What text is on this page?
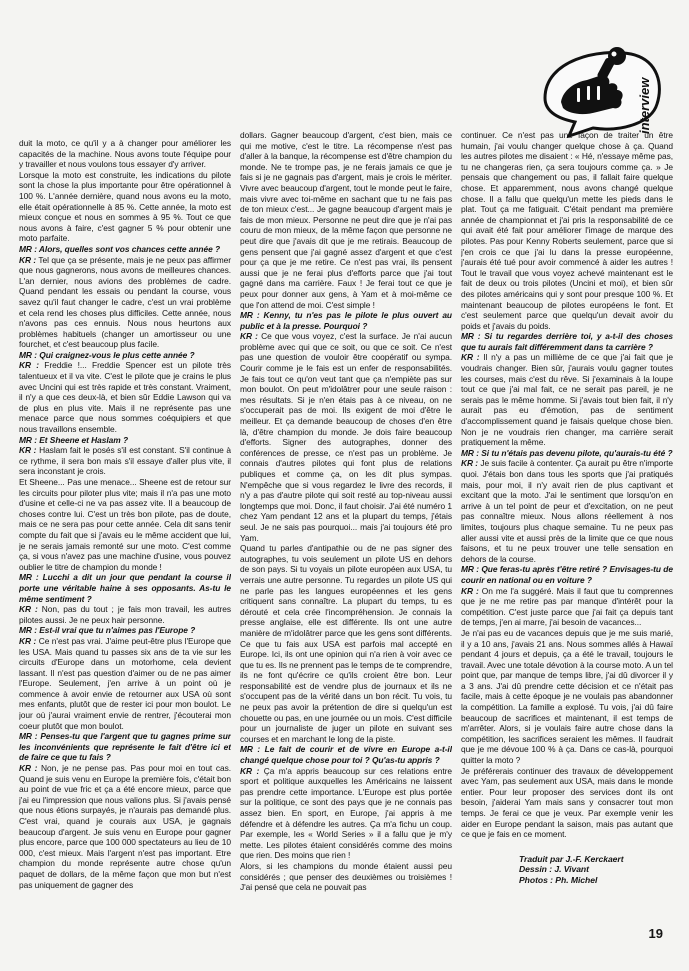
interview

duit la moto, ce qu'il y a à changer pour améliorer les capacités de la machine. Nous avons toute l'équipe pour y travailler et nous voulons tous essayer d'y arriver.

Lorsque la moto est construite, les indications du pilote sont la chose la plus importante pour être opérationnel à 100 %. L'année dernière, quand nous avons eu la moto, elle était opérationnelle à 85 %. Cette année, la moto est mieux conçue et nous en sommes à 95 %. Tout ce que nous avons à faire, c'est gagner 5 % pour obtenir une moto parfaite.

MR : Alors, quelles sont vos chances cette année ?

KR : Tel que ça se présente, mais je ne peux pas affirmer que nous gagnerons, nous avons de meilleures chances. L'an dernier, nous avions des problèmes de cadre. Quand pendant les essais ou pendant la course, vous savez qu'il faut changer le cadre, c'est un vrai problème et cela rend les choses plus difficiles. Cette année, nous n'avons pas ces ennuis. Nous nous heurtons aux problèmes habituels (changer un amortisseur ou une fourchet, et c'est beaucoup plus facile.

MR : Qui craignez-vous le plus cette année ?

KR : Freddie !... Freddie Spencer est un pilote très talentueux et il va vite. C'est le pilote que je crains le plus avec Uncini qui est très rapide et très constant. Vraiment, il n'y a que ces deux-là, et bien sûr Eddie Lawson qui va de plus en plus vite. Mais il ne représente pas une menace parce que nous sommes coéquipiers et que nous travaillons ensemble.

MR : Et Sheene et Haslam ?

KR : Haslam fait le posés s'il est constant. S'il continue à ce rythme, il sera bon mais s'il essaye d'aller plus vite, il sera inconstant je crois.

Et Sheene... Pas une menace... Sheene est de retour sur les circuits pour piloter plus vite; mais il n'a pas une moto d'usine et celle-ci ne va pas assez vite. Il a beaucoup de choses contre lui. C'est un très bon pilote, pas de doute, mais ce ne sera pas pour cette année. Cela dit sans tenir compte du fait que si j'avais eu le même accident que lui, je ne serais jamais remonté sur une moto. C'est comme ça, si vous n'avez pas une machine d'usine, vous pouvez oublier le titre de champion du monde !

MR : Lucchi a dit un jour que pendant la course il porte une véritable haine à ses opposants. As-tu le même sentiment ?

KR : Non, pas du tout ; je fais mon travail, les autres pilotes aussi. Je ne peux hair personne.

MR : Est-il vrai que tu n'aimes pas l'Europe ?

KR : Ce n'est pas vrai. J'aime peut-être plus l'Europe que les USA. Mais quand tu passes six ans de ta vie sur les circuits d'Europe dans un motorhome, cela devient lassant. Il n'est pas question d'aimer ou de ne pas aimer l'Europe. Seulement, j'en arrive à un point où je commence à avoir envie de retourner aux USA où sont mes enfants, plutôt que de rester ici pour mon boulot. Le jour où j'aurai vraiment envie de rentrer, j'écouterai mon coeur plutôt que mon boulot.

MR : Penses-tu que l'argent que tu gagnes prime sur les inconvénients que représente le fait d'être ici et de faire ce que tu fais ?

KR : Non, je ne pense pas. Pas pour moi en tout cas. Quand je suis venu en Europe la première fois, c'était bon au point de vue fric et ça a été encore mieux, parce que j'ai eu l'impression que nous valions plus. Si j'avais pensé que nous étions surpayés, je n'aurais pas demandé plus. C'est vrai, quand je courais aux USA, je gagnais beaucoup d'argent. Je suis venu en Europe pour gagner plus encore, parce que 100 000 spectateurs au lieu de 10 000, c'est mieux. Mais l'argent n'est pas important. Etre champion du monde représente autre chose qu'un paquet de dollars, de la même façon que mon but n'est pas uniquement de gagner des

dollars. Gagner beaucoup d'argent, c'est bien, mais ce qui me motive, c'est le titre. La récompense n'est pas d'aller à la banque, la récompense est d'être champion du monde. Ne te trompe pas, je ne ferais jamais ce que je fais si je ne gagnais pas d'argent, mais je crois le mériter. Vivre avec beaucoup d'argent, tout le monde peut le faire, mais vivre avec toi-même en sachant que tu ne fais pas de ton mieux c'est... Je gagne beaucoup d'argent mais je fais de mon mieux. Personne ne peut dire que je n'ai pas couru de mon mieux, de la même façon que personne ne peut dire que j'avais dit que je me retirais. Beaucoup de gens pensent que j'ai gagné assez d'argent et que c'est pour ça que je me retire. Ce n'est pas vrai, ils pensent aussi que je ne ferai plus d'efforts parce que j'ai tout gagné dans ma carrière. Faux ! Je ferai tout ce que je peux pour donner aux gens, à Yam et à moi-même ce que l'on attend de moi. C'est simple !

MR : Kenny, tu n'es pas le pilote le plus ouvert au public et à la presse. Pourquoi ?

KR : Ce que vous voyez, c'est la surface. Je n'ai aucun problème avec qui que ce soit, ou que ce soit. Ce n'est pas une question de vouloir être coopératif ou sympa. Courir comme je le fais est un enfer de responsabilités. Je fais tout ce qu'on veut tant que ça n'empiète pas sur mon boulot. On peut m'idolâtrer pour une seule raison : mes résultats. Si je n'en étais pas à ce niveau, on ne s'occuperait pas de moi. Ils exigent de moi d'être le meilleur. Et ça demande beaucoup de choses d'en être là, d'être champion du monde. Je dois faire beaucoup d'efforts. Signer des autographes, donner des conférences de presse, ce n'est pas un problème. Je connais d'autres pilotes qui font plus de relations publiques et comme ça, on les dit plus sympas. N'empêche que si vous regardez le livre des records, il n'y a pas d'autre pilote qui soit resté au top-niveau aussi longtemps que moi. Donc, il faut choisir. J'ai été numéro 1 chez Yam pendant 12 ans et la plupart du temps, j'étais seul. Je ne sais pas pourquoi... mais j'ai toujours été pro Yam.

Quand tu parles d'antipathie ou de ne pas signer des autographes, tu vois seulement un pilote US en dehors de son pays. Si tu voyais un pilote européen aux USA, tu verrais une autre personne. Tu regardes un pilote US qui ne parle pas les langues européennes et les gens critiquent sans connaître. La plupart du temps, tu es dérouté et cela crée l'incompréhension. Je connais la presse anglaise, elle est différente. Ils ont une autre manière de m'idolâtrer parce que les gens sont différents. Ce que tu fais aux USA est parfois mal accepté en Europe. Ici, ils ont une opinion qui n'a rien à voir avec ce que tu es. Ils ne prennent pas le temps de te comprendre, ils ne font qu'écrire ce qu'ils croient être bon. Leur responsabilité est de vendre plus de journaux et ils ne s'occupent pas de la vérité dans un bon récit. Tu vois, tu ne peux pas avoir la prétention de dire si quelqu'un est chouette ou pas, en une journée ou un mois. C'est difficile pour un journaliste de juger un pilote en suivant ses courses et en marchant le long de la piste.

MR : Le fait de courir et de vivre en Europe a-t-il changé quelque chose pour toi ? Qu'as-tu appris ?

KR : Ça m'a appris beaucoup sur ces relations entre sport et politique auxquelles les Américains ne laissent pas prendre cette importance. L'Europe est plus portée sur la politique, ce sont des pays que je ne connais pas assez bien. En sport, en Europe, j'ai appris à me défendre et à défendre les autres. Ça m'a fichu un coup. Par exemple, les « World Series » il a fallu que je m'y mette. Les pilotes étaient considérés comme des moins que rien. Des moins que rien !

Alors, si les champions du monde étaient aussi peu considérés ; que penser des deuxièmes ou troisièmes ! J'ai pensé que cela ne pouvait pas

continuer. Ce n'est pas une façon de traiter un être humain, j'ai voulu changer quelque chose à ça. Quand les autres pilotes me disaient : « Hé, n'essaye même pas, tu ne changeras rien, ça sera toujours comme ça. » Je pensais que changement ou pas, il fallait faire quelque chose. Et apparemment, nous avons changé quelque chose. Il a fallu que quelqu'un mette les pieds dans le plat. Tout ça me fatiguait. C'était pendant ma première année de championnat et j'ai pris la responsabilité de ce qui avait été fait pour améliorer l'image de marque des pilotes. Pas pour Kenny Roberts seulement, parce que si j'en crois ce que j'ai lu dans la presse européenne, j'aurais été tué pour avoir commencé à aider les autres ! Tout le travail que vous voyez achevé maintenant est le fait de deux ou trois pilotes (Uncini et moi), et bien sûr des pilotes américains qui y sont pour presque 100 %. Et maintenant beaucoup de pilotes européens le font. Et c'est seulement parce que quelqu'un devait avoir du poids et j'avais du poids.

MR : Si tu regardes derrière toi, y a-t-il des choses que tu aurais fait différemment dans ta carrière ?

KR : Il n'y a pas un millième de ce que j'ai fait que je voudrais changer. Bien sûr, j'aurais voulu gagner toutes les courses, mais c'est du rêve. Si j'examinais à la loupe tout ce que j'ai mal fait, ce ne serait pas pareil, je ne serais pas le même homme. Si j'avais tout bien fait, il n'y aurait pas eu d'émotion, pas de sentiment d'accomplissement quand je faisais quelque chose bien. Non je ne voudrais rien changer, ma carrière serait pratiquement la même.

MR : Si tu n'étais pas devenu pilote, qu'aurais-tu été ?

KR : Je suis facile à contenter. Ça aurait pu être n'importe quoi. J'étais bon dans tous les sports que j'ai pratiqués mais, pour moi, il n'y avait rien de plus captivant et excitant que la moto. J'ai le sentiment que lorsqu'on en arrive à un tel point de peur et d'excitation, on ne peut pas connaître mieux. Nous allons réellement à nos limites, toujours plus chaque semaine. Tu ne peux pas aller aussi vite et aussi près de la limite que ce que nous faisons, et tu ne peux trouver une telle sensation en dehors de la course.

MR : Que feras-tu après t'être retiré ? Envisages-tu de courir en national ou en voiture ?

KR : On me l'a suggéré. Mais il faut que tu comprennes que je ne me retire pas par manque d'intérêt pour la compétition. C'est juste parce que j'ai fait ça depuis tant de temps, j'en ai marre, j'ai besoin de vacances...

Je n'ai pas eu de vacances depuis que je me suis marié, il y a 10 ans, j'avais 21 ans. Nous sommes allés à Hawaï pendant 4 jours et depuis, ça a été le travail, toujours le travail. Avec une totale dévotion à la course moto. A un tel point que, par manque de temps libre, j'ai dû divorcer il y a 3 ans. J'ai dû prendre cette décision et ce n'était pas facile, mais à cette époque je ne voulais pas abandonner la compétition. La famille a explosé. Tu vois, j'ai dû faire beaucoup de sacrifices et maintenant, il est temps de m'arrêter. Alors, si je voulais faire autre chose dans la compétition, les sacrifices seraient les mêmes. Il faudrait que je me dévoue 100 % à ça. Dans ce cas-là, pourquoi quitter la moto ?

Je préférerais continuer des travaux de développement avec Yam, pas seulement aux USA, mais dans le monde entier. Pour leur proposer des services dont ils ont besoin, j'aiderai Yam mais sans y consacrer tout mon temps. Je ferai ce que je veux. Par exemple venir les aider en Europe pendant la saison, mais pas autant que ce que je fais en ce moment.

Traduit par J.-F. Kerckaert
Dessin : J. Vivant
Photos : Ph. Michel
19
